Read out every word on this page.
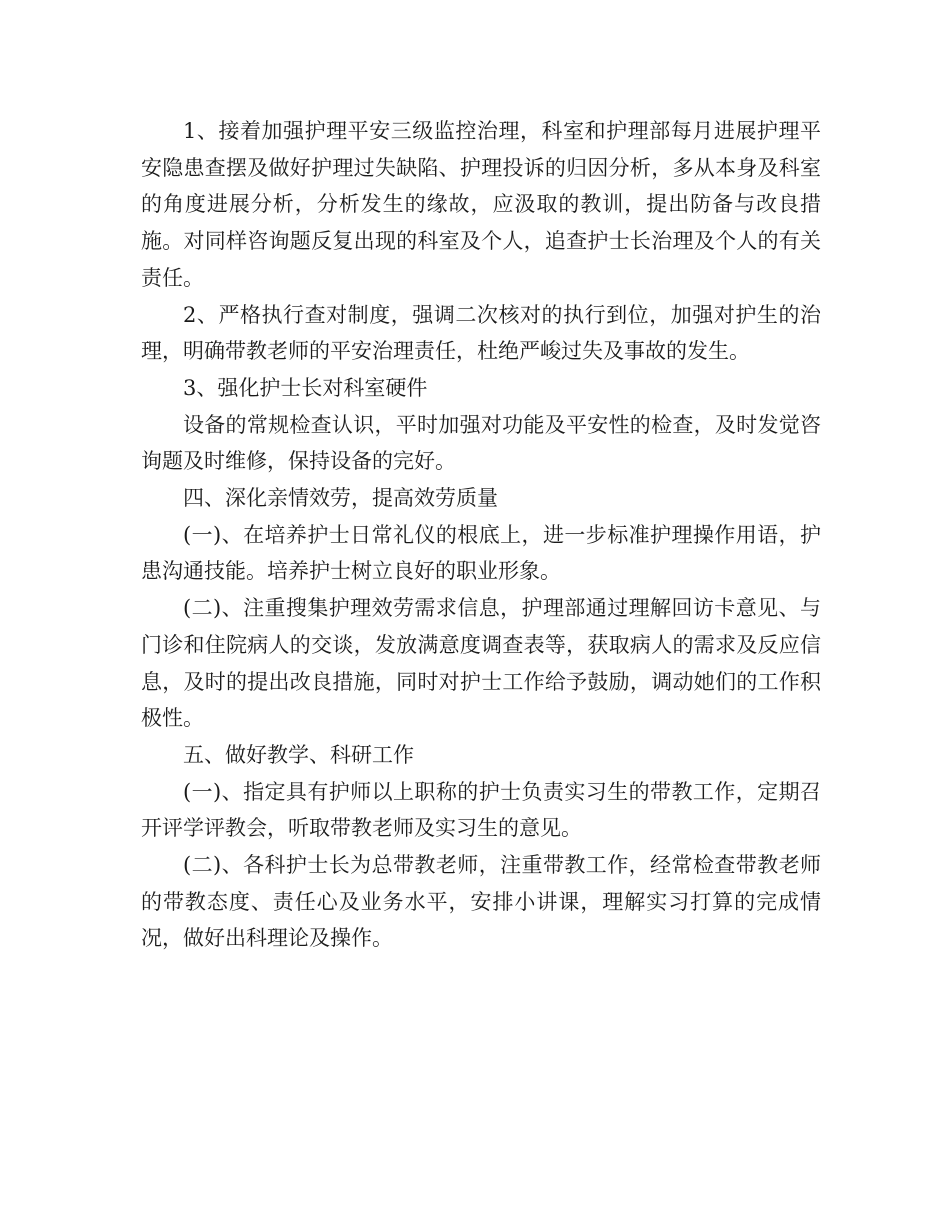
1、接着加强护理平安三级监控治理，科室和护理部每月进展护理平安隐患查摆及做好护理过失缺陷、护理投诉的归因分析，多从本身及科室的角度进展分析，分析发生的缘故，应汲取的教训，提出防备与改良措施。对同样咨询题反复出现的科室及个人，追查护士长治理及个人的有关责任。

2、严格执行查对制度，强调二次核对的执行到位，加强对护生的治理，明确带教老师的平安治理责任，杜绝严峻过失及事故的发生。

3、强化护士长对科室硬件

设备的常规检查认识，平时加强对功能及平安性的检查，及时发觉咨询题及时维修，保持设备的完好。

四、深化亲情效劳，提高效劳质量

(一)、在培养护士日常礼仪的根底上，进一步标准护理操作用语，护患沟通技能。培养护士树立良好的职业形象。

(二)、注重搜集护理效劳需求信息，护理部通过理解回访卡意见、与门诊和住院病人的交谈，发放满意度调查表等，获取病人的需求及反应信息，及时的提出改良措施，同时对护士工作给予鼓励，调动她们的工作积极性。

五、做好教学、科研工作

(一)、指定具有护师以上职称的护士负责实习生的带教工作，定期召开评学评教会，听取带教老师及实习生的意见。

(二)、各科护士长为总带教老师，注重带教工作，经常检查带教老师的带教态度、责任心及业务水平，安排小讲课，理解实习打算的完成情况，做好出科理论及操作。
